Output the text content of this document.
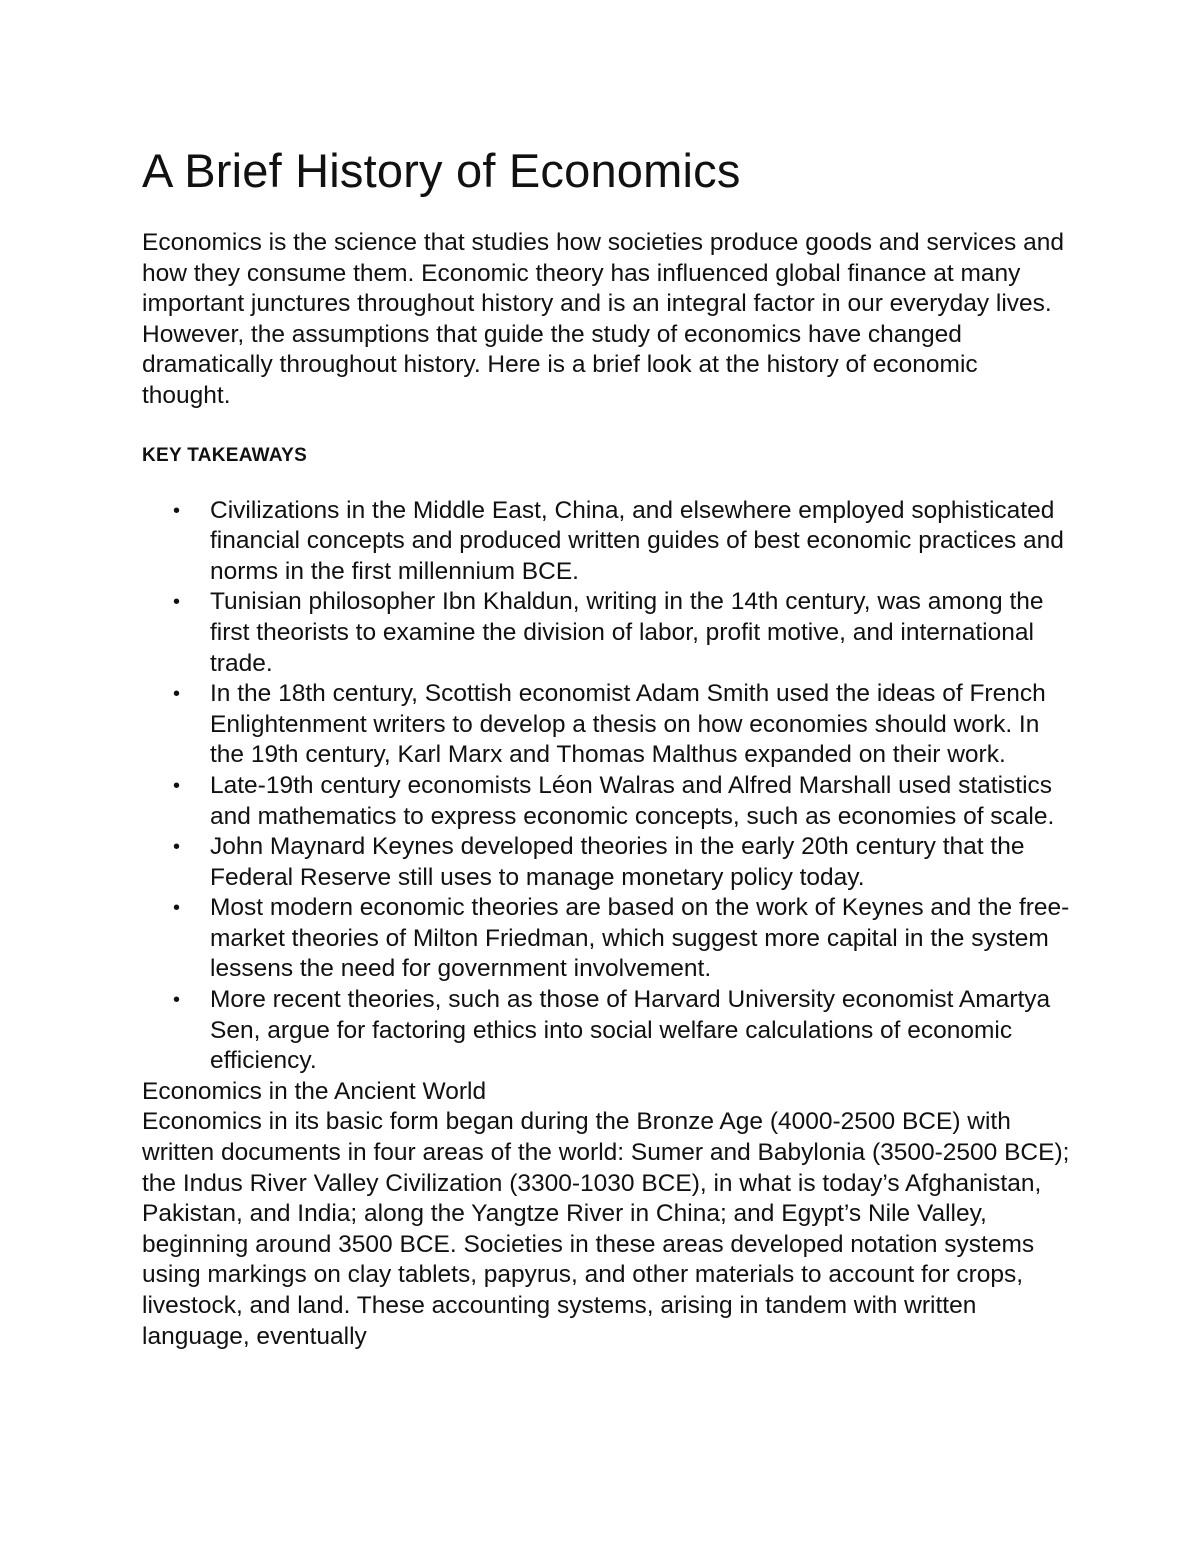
A Brief History of Economics

Economics is the science that studies how societies produce goods and services and how they consume them. Economic theory has influenced global finance at many important junctures throughout history and is an integral factor in our everyday lives. However, the assumptions that guide the study of economics have changed dramatically throughout history. Here is a brief look at the history of economic thought.

KEY TAKEAWAYS
• Civilizations in the Middle East, China, and elsewhere employed sophisticated financial concepts and produced written guides of best economic practices and norms in the first millennium BCE.
• Tunisian philosopher Ibn Khaldun, writing in the 14th century, was among the first theorists to examine the division of labor, profit motive, and international trade.
• In the 18th century, Scottish economist Adam Smith used the ideas of French Enlightenment writers to develop a thesis on how economies should work. In the 19th century, Karl Marx and Thomas Malthus expanded on their work.
• Late-19th century economists Léon Walras and Alfred Marshall used statistics and mathematics to express economic concepts, such as economies of scale.
• John Maynard Keynes developed theories in the early 20th century that the Federal Reserve still uses to manage monetary policy today.
• Most modern economic theories are based on the work of Keynes and the free-market theories of Milton Friedman, which suggest more capital in the system lessens the need for government involvement.
• More recent theories, such as those of Harvard University economist Amartya Sen, argue for factoring ethics into social welfare calculations of economic efficiency.
Economics in the Ancient World

Economics in its basic form began during the Bronze Age (4000-2500 BCE) with written documents in four areas of the world: Sumer and Babylonia (3500-2500 BCE); the Indus River Valley Civilization (3300-1030 BCE), in what is today’s Afghanistan, Pakistan, and India; along the Yangtze River in China; and Egypt’s Nile Valley, beginning around 3500 BCE. Societies in these areas developed notation systems using markings on clay tablets, papyrus, and other materials to account for crops, livestock, and land. These accounting systems, arising in tandem with written language, eventually
